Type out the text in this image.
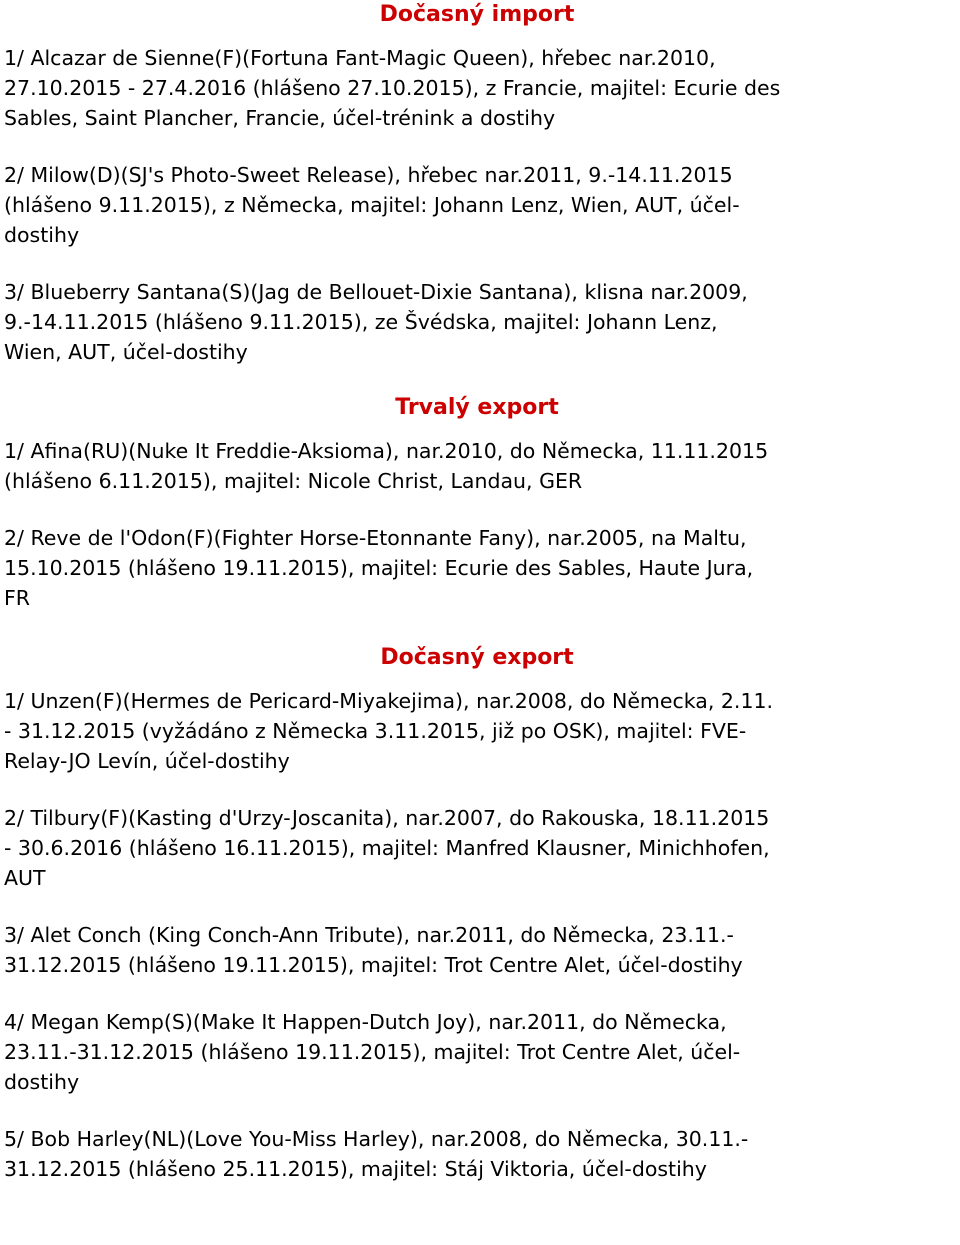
Dočasný import

1/ Alcazar de Sienne(F)(Fortuna Fant-Magic Queen), hřebec nar.2010,
27.10.2015 - 27.4.2016 (hlášeno 27.10.2015), z Francie, majitel: Ecurie des
Sables, Saint Plancher, Francie, účel-trénink a dostihy

2/ Milow(D)(SJ's Photo-Sweet Release), hřebec nar.2011, 9.-14.11.2015
(hlášeno 9.11.2015), z Německa, majitel: Johann Lenz, Wien, AUT, účel-
dostihy

3/ Blueberry Santana(S)(Jag de Bellouet-Dixie Santana), klisna nar.2009,
9.-14.11.2015 (hlášeno 9.11.2015), ze Švédska, majitel: Johann Lenz,
Wien, AUT, účel-dostihy

Trvalý export

1/ Afina(RU)(Nuke It Freddie-Aksioma), nar.2010, do Německa, 11.11.2015
(hlášeno 6.11.2015), majitel: Nicole Christ, Landau, GER

2/ Reve de l'Odon(F)(Fighter Horse-Etonnante Fany), nar.2005, na Maltu,
15.10.2015 (hlášeno 19.11.2015), majitel: Ecurie des Sables, Haute Jura,
FR

Dočasný export

1/ Unzen(F)(Hermes de Pericard-Miyakejima), nar.2008, do Německa, 2.11.
- 31.12.2015 (vyžádáno z Německa 3.11.2015, již po OSK), majitel: FVE-
Relay-JO Levín, účel-dostihy

2/ Tilbury(F)(Kasting d'Urzy-Joscanita), nar.2007, do Rakouska, 18.11.2015
- 30.6.2016 (hlášeno 16.11.2015), majitel: Manfred Klausner, Minichhofen,
AUT

3/ Alet Conch (King Conch-Ann Tribute), nar.2011, do Německa, 23.11.-
31.12.2015 (hlášeno 19.11.2015), majitel: Trot Centre Alet, účel-dostihy

4/ Megan Kemp(S)(Make It Happen-Dutch Joy), nar.2011, do Německa,
23.11.-31.12.2015 (hlášeno 19.11.2015), majitel: Trot Centre Alet, účel-
dostihy

5/ Bob Harley(NL)(Love You-Miss Harley), nar.2008, do Německa, 30.11.-
31.12.2015 (hlášeno 25.11.2015), majitel: Stáj Viktoria, účel-dostihy
